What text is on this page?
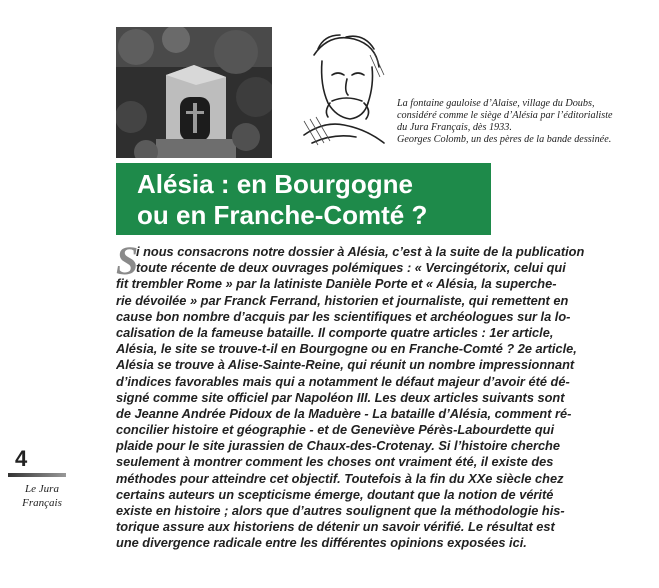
La fontaine gauloise d’Alaise, village du Doubs,
considéré comme le siège d’Alésia par l’éditorialiste
du Jura Français, dès 1933.
Georges Colomb, un des pères de la bande dessinée.
Alésia : en Bourgogne
ou en Franche-Comté ?
S
i nous consacrons notre dossier à Alésia, c’est à la suite de la publication
toute récente de deux ouvrages polémiques : « Vercingétorix, celui qui
fit trembler Rome » par la latiniste Danièle Porte et « Alésia, la superche-
rie dévoilée » par Franck Ferrand, historien et journaliste, qui remettent en
cause bon nombre d’acquis par les scientifiques et archéologues sur la lo-
calisation de la fameuse bataille. Il comporte quatre articles : 1er article,
Alésia, le site se trouve-t-il en Bourgogne ou en Franche-Comté ? 2e article,
Alésia se trouve à Alise-Sainte-Reine, qui réunit un nombre impressionnant
d’indices favorables mais qui a notamment le défaut majeur d’avoir été dé-
signé comme site officiel par Napoléon III. Les deux articles suivants sont
de Jeanne Andrée Pidoux de la Maduère - La bataille d’Alésia, comment ré-
concilier histoire et géographie - et de Geneviève Pérès-Labourdette qui
plaide pour le site jurassien de Chaux-des-Crotenay. Si l’histoire cherche
seulement à montrer comment les choses ont vraiment été, il existe des
méthodes pour atteindre cet objectif. Toutefois à la fin du XXe siècle chez
certains auteurs un scepticisme émerge, doutant que la notion de vérité
existe en histoire ; alors que d’autres soulignent que la méthodologie his-
torique assure aux historiens de détenir un savoir vérifié. Le résultat est
une divergence radicale entre les différentes opinions exposées ici.
4
Le Jura
Français
